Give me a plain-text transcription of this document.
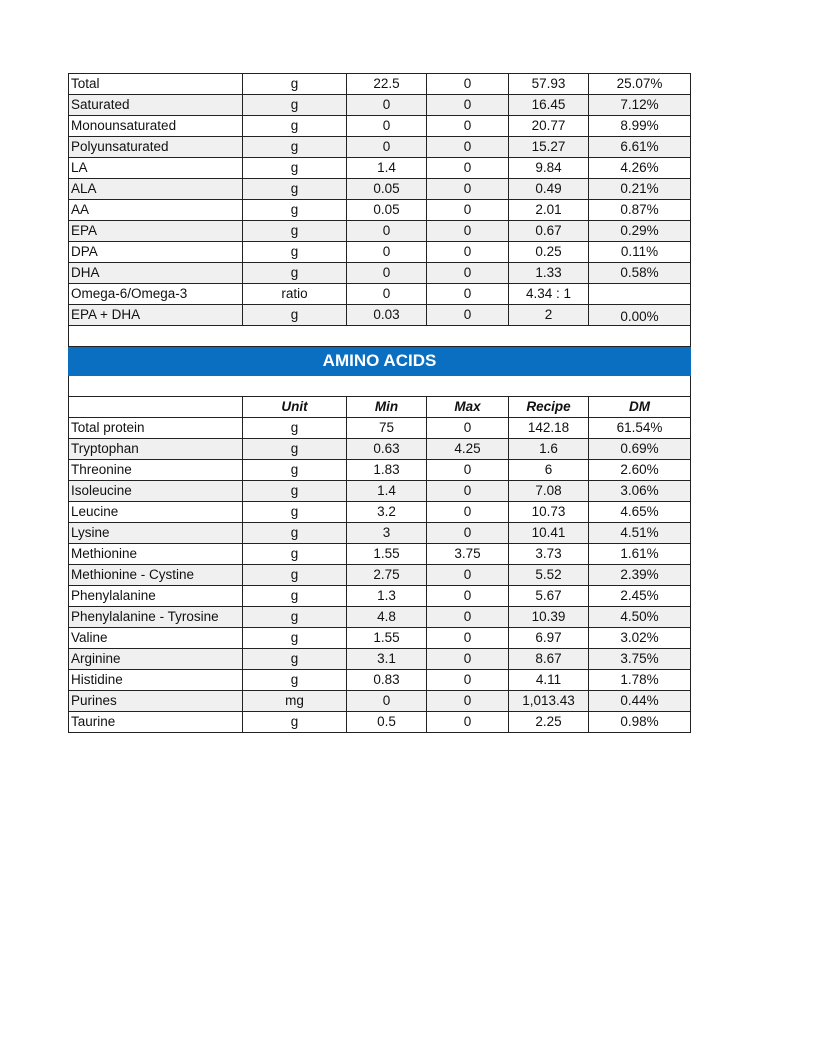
Total	g	22.5	0	57.93	25.07%
Saturated	g	0	0	16.45	7.12%
Monounsaturated	g	0	0	20.77	8.99%
Polyunsaturated	g	0	0	15.27	6.61%
LA	g	1.4	0	9.84	4.26%
ALA	g	0.05	0	0.49	0.21%
AA	g	0.05	0	2.01	0.87%
EPA	g	0	0	0.67	0.29%
DPA	g	0	0	0.25	0.11%
DHA	g	0	0	1.33	0.58%
Omega-6/Omega-3	ratio	0	0	4.34 : 1	
EPA + DHA	g	0.03	0	2	0.00%

AMINO ACIDS					

	Unit	Min	Max	Recipe	DM
Total protein	g	75	0	142.18	61.54%
Tryptophan	g	0.63	4.25	1.6	0.69%
Threonine	g	1.83	0	6	2.60%
Isoleucine	g	1.4	0	7.08	3.06%
Leucine	g	3.2	0	10.73	4.65%
Lysine	g	3	0	10.41	4.51%
Methionine	g	1.55	3.75	3.73	1.61%
Methionine - Cystine	g	2.75	0	5.52	2.39%
Phenylalanine	g	1.3	0	5.67	2.45%
Phenylalanine - Tyrosine	g	4.8	0	10.39	4.50%
Valine	g	1.55	0	6.97	3.02%
Arginine	g	3.1	0	8.67	3.75%
Histidine	g	0.83	0	4.11	1.78%
Purines	mg	0	0	1,013.43	0.44%
Taurine	g	0.5	0	2.25	0.98%
